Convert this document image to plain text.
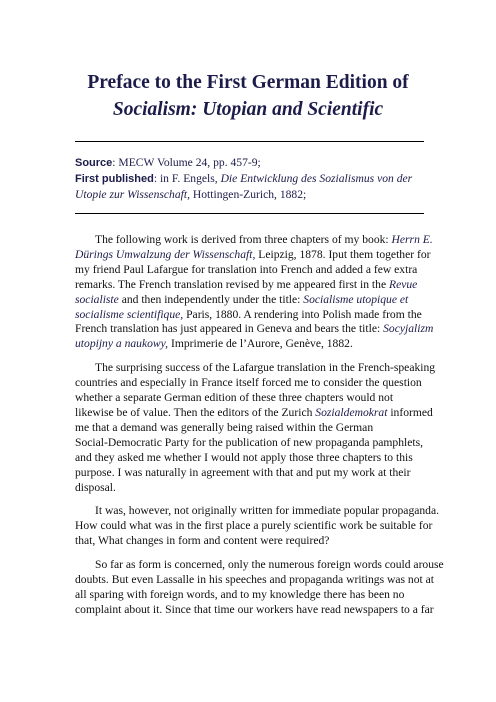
Preface to the First German Edition of
Socialism: Utopian and Scientific
Source: MECW Volume 24, pp. 457-9;
First published: in F. Engels, Die Entwicklung des Sozialismus von der
Utopie zur Wissenschaft, Hottingen-Zurich, 1882;

The following work is derived from three chapters of my book: Herrn E.
Dürings Umwalzung der Wissenschaft, Leipzig, 1878. Iput them together for
my friend Paul Lafargue for translation into French and added a few extra
remarks. The French translation revised by me appeared first in the Revue
socialiste and then independently under the title: Socialisme utopique et
socialisme scientifique, Paris, 1880. A rendering into Polish made from the
French translation has just appeared in Geneva and bears the title: Socyjalizm
utopijny a naukowy, Imprimerie de l’Aurore, Genève, 1882.

The surprising success of the Lafargue translation in the French-speaking
countries and especially in France itself forced me to consider the question
whether a separate German edition of these three chapters would not
likewise be of value. Then the editors of the Zurich Sozialdemokrat informed
me that a demand was generally being raised within the German
Social-Democratic Party for the publication of new propaganda pamphlets,
and they asked me whether I would not apply those three chapters to this
purpose. I was naturally in agreement with that and put my work at their
disposal.

It was, however, not originally written for immediate popular propaganda.
How could what was in the first place a purely scientific work be suitable for
that, What changes in form and content were required?

So far as form is concerned, only the numerous foreign words could arouse
doubts. But even Lassalle in his speeches and propaganda writings was not at
all sparing with foreign words, and to my knowledge there has been no
complaint about it. Since that time our workers have read newspapers to a far
